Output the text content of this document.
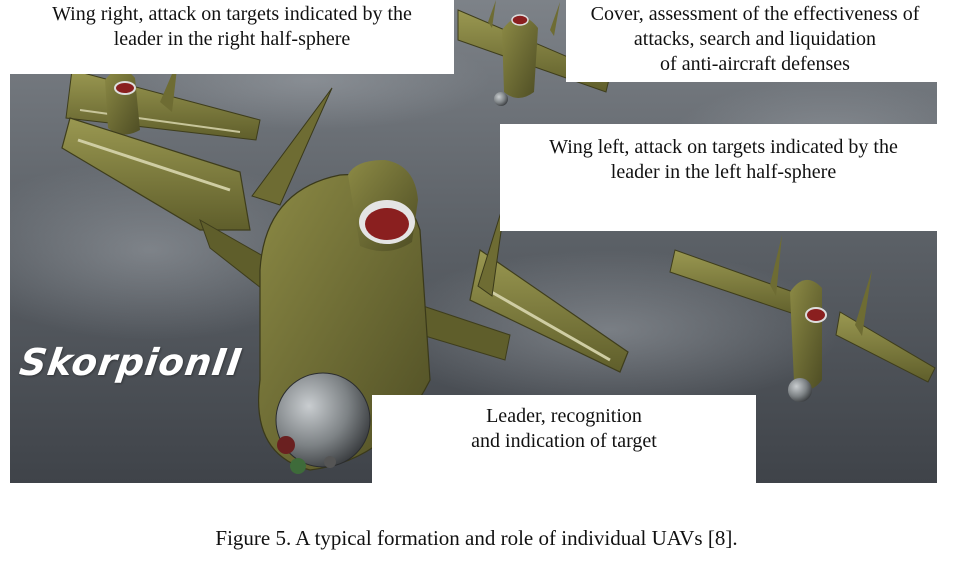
Wing right, attack on targets indicated by the
leader in the right half-sphere
Cover, assessment of the effectiveness of
attacks, search and liquidation
of anti-aircraft defenses
Wing left, attack on targets indicated by the
leader in the left half-sphere
Leader, recognition
and indication of target
SkorpionII
Figure 5. A typical formation and role of individual UAVs [8].
